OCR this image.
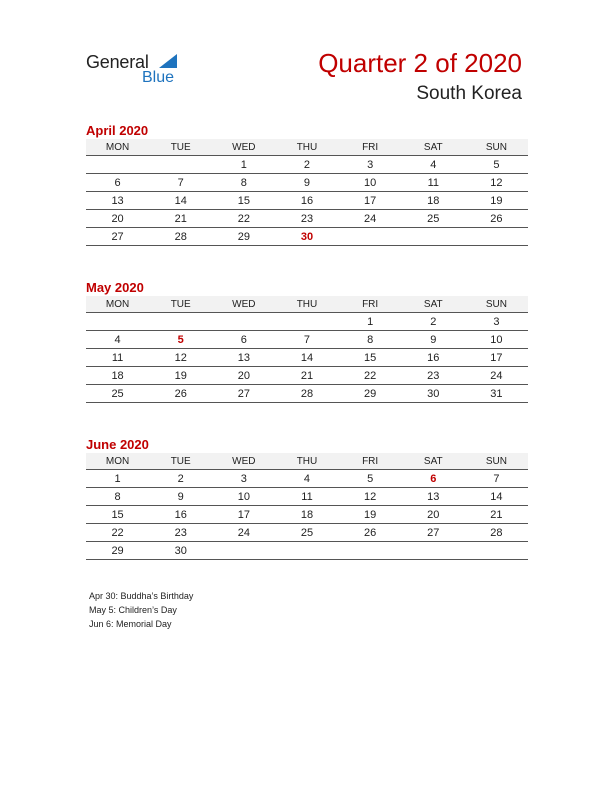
General
Blue	Quarter 2 of 2020
South Korea
April 2020
MON	TUE	WED	THU	FRI	SAT	SUN
		1	2	3	4	5
6	7	8	9	10	11	12
13	14	15	16	17	18	19
20	21	22	23	24	25	26
27	28	29	30			
May 2020
MON	TUE	WED	THU	FRI	SAT	SUN
				1	2	3
4	5	6	7	8	9	10
11	12	13	14	15	16	17
18	19	20	21	22	23	24
25	26	27	28	29	30	31
June 2020
MON	TUE	WED	THU	FRI	SAT	SUN
1	2	3	4	5	6	7
8	9	10	11	12	13	14
15	16	17	18	19	20	21
22	23	24	25	26	27	28
29	30					
Apr 30: Buddha’s Birthday
May 5: Children’s Day
Jun 6: Memorial Day
